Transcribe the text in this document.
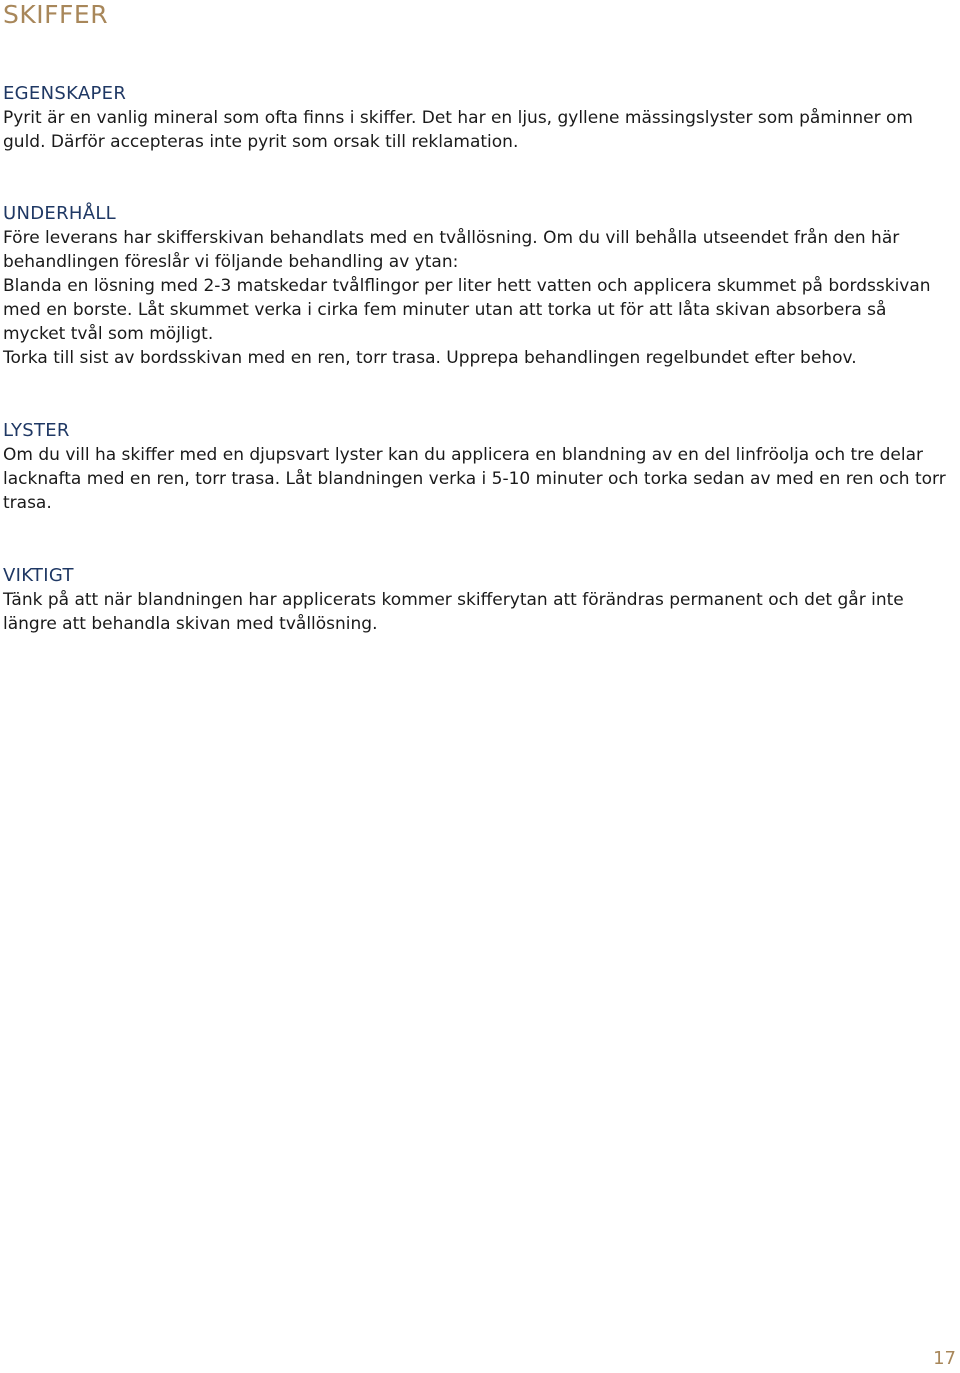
SKIFFER
EGENSKAPER

Pyrit är en vanlig mineral som ofta finns i skiffer. Det har en ljus, gyllene mässingslyster som påminner om guld. Därför accepteras inte pyrit som orsak till reklamation.

UNDERHÅLL

Före leverans har skifferskivan behandlats med en tvållösning. Om du vill behålla utseendet från den här behandlingen föreslår vi följande behandling av ytan:

Blanda en lösning med 2-3 matskedar tvålflingor per liter hett vatten och applicera skummet på bordsskivan med en borste. Låt skummet verka i cirka fem minuter utan att torka ut för att låta skivan absorbera så mycket tvål som möjligt.

Torka till sist av bordsskivan med en ren, torr trasa. Upprepa behandlingen regelbundet efter behov.

LYSTER

Om du vill ha skiffer med en djupsvart lyster kan du applicera en blandning av en del linfröolja och tre delar lacknafta med en ren, torr trasa. Låt blandningen verka i 5-10 minuter och torka sedan av med en ren och torr trasa.

VIKTIGT

Tänk på att när blandningen har applicerats kommer skifferytan att förändras permanent och det går inte längre att behandla skivan med tvållösning.

17
